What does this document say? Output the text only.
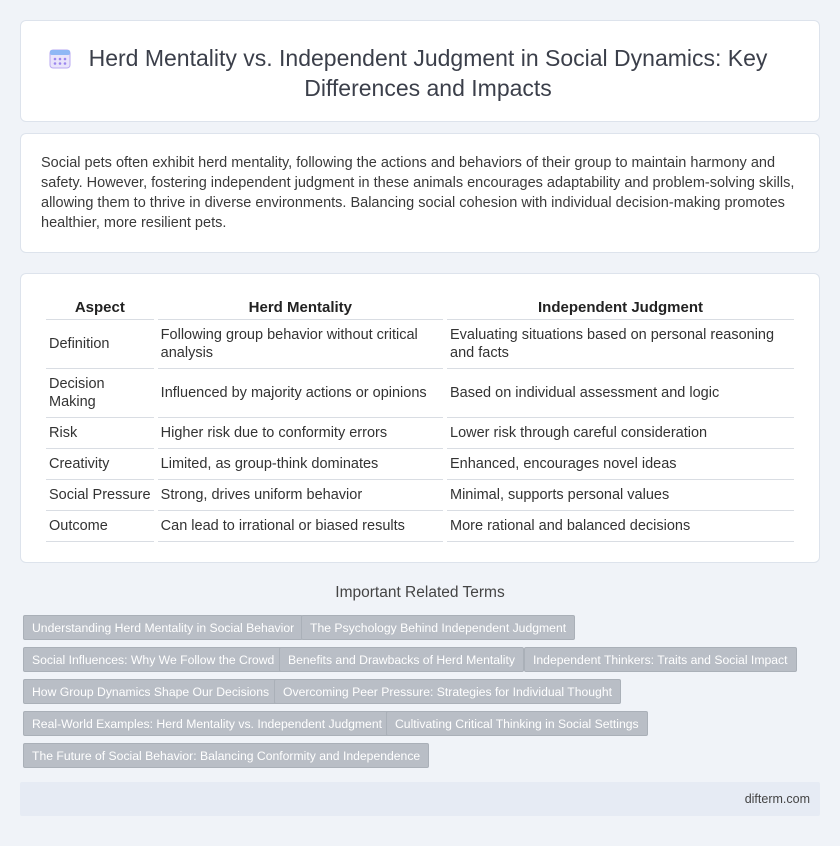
Herd Mentality vs. Independent Judgment in Social Dynamics: Key Differences and Impacts

Social pets often exhibit herd mentality, following the actions and behaviors of their group to maintain harmony and safety. However, fostering independent judgment in these animals encourages adaptability and problem-solving skills, allowing them to thrive in diverse environments. Balancing social cohesion with individual decision-making promotes healthier, more resilient pets.

Aspect	Herd Mentality	Independent Judgment
Definition	Following group behavior without critical analysis	Evaluating situations based on personal reasoning and facts
Decision Making	Influenced by majority actions or opinions	Based on individual assessment and logic
Risk	Higher risk due to conformity errors	Lower risk through careful consideration
Creativity	Limited, as group-think dominates	Enhanced, encourages novel ideas
Social Pressure	Strong, drives uniform behavior	Minimal, supports personal values
Outcome	Can lead to irrational or biased results	More rational and balanced decisions
Important Related Terms
Understanding Herd Mentality in Social Behavior	The Psychology Behind Independent Judgment
Social Influences: Why We Follow the Crowd	Benefits and Drawbacks of Herd Mentality	Independent Thinkers: Traits and Social Impact
How Group Dynamics Shape Our Decisions	Overcoming Peer Pressure: Strategies for Individual Thought
Real-World Examples: Herd Mentality vs. Independent Judgment	Cultivating Critical Thinking in Social Settings
The Future of Social Behavior: Balancing Conformity and Independence
difterm.com
